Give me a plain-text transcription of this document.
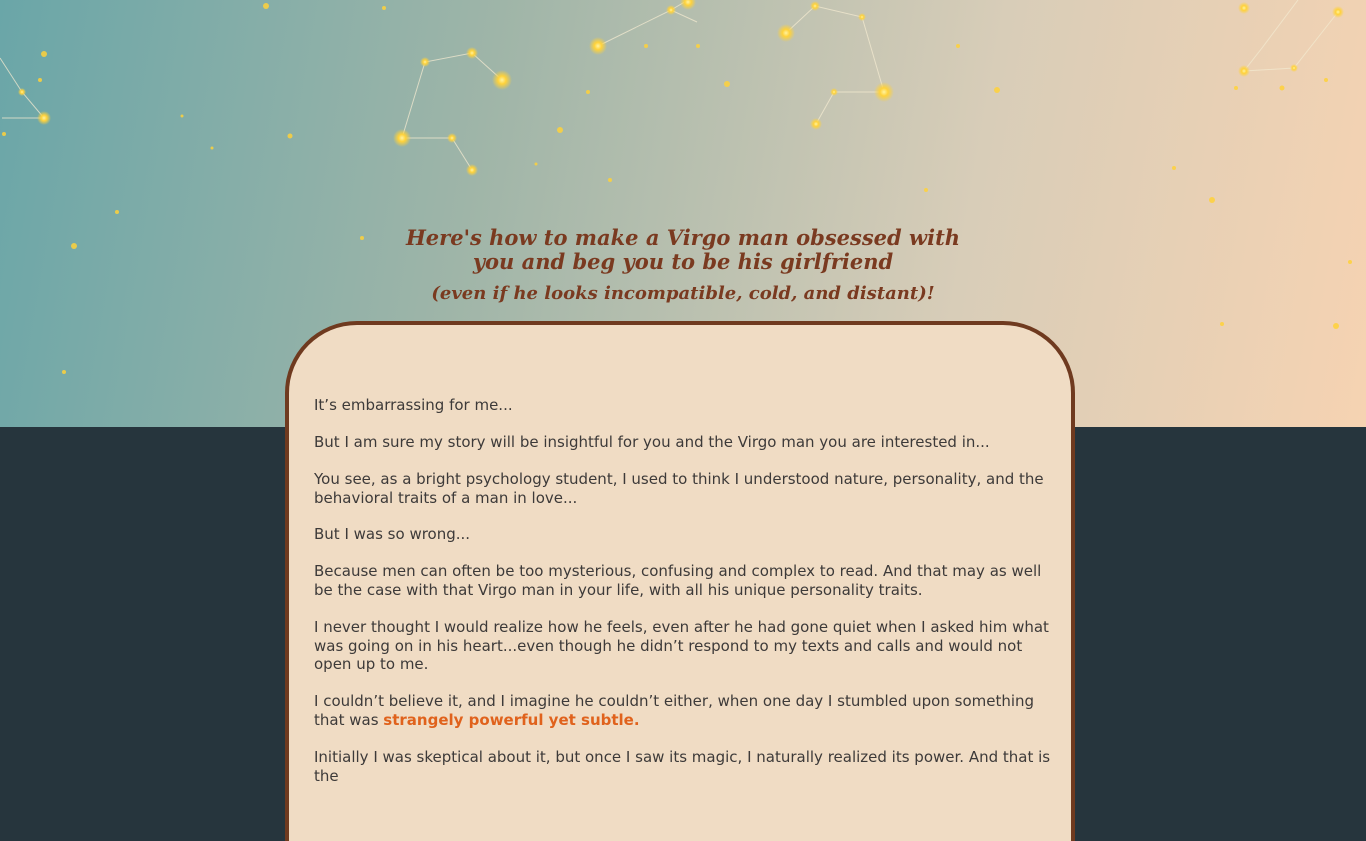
Here's how to make a Virgo man obsessed with
you and beg you to be his girlfriend
(even if he looks incompatible, cold, and distant)!

It’s embarrassing for me...

But I am sure my story will be insightful for you and the Virgo man you are interested in...

You see, as a bright psychology student, I used to think I understood nature, personality, and the behavioral traits of a man in love...

But I was so wrong...

Because men can often be too mysterious, confusing and complex to read. And that may as well be the case with that Virgo man in your life, with all his unique personality traits.

I never thought I would realize how he feels, even after he had gone quiet when I asked him what was going on in his heart...even though he didn’t respond to my texts and calls and would not open up to me.

I couldn’t believe it, and I imagine he couldn’t either, when one day I stumbled upon something that was strangely powerful yet subtle.

Initially I was skeptical about it, but once I saw its magic, I naturally realized its power. And that is the
